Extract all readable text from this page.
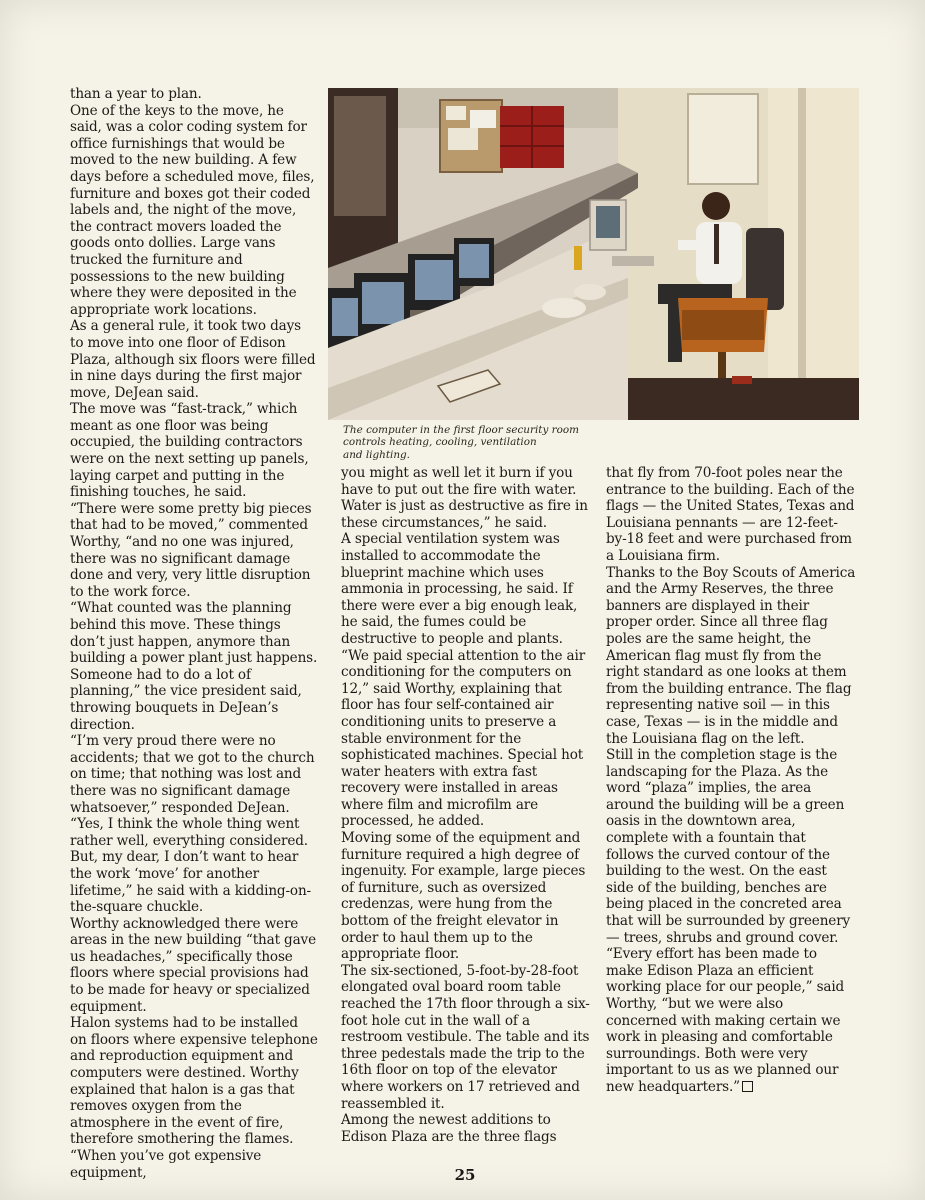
than a year to plan.
One of the keys to the move, he said, was a color coding system for office furnishings that would be moved to the new building. A few days before a scheduled move, files, furniture and boxes got their coded labels and, the night of the move, the contract movers loaded the goods onto dollies. Large vans trucked the furniture and possessions to the new building where they were deposited in the appropriate work locations.
As a general rule, it took two days to move into one floor of Edison Plaza, although six floors were filled in nine days during the first major move, DeJean said.
The move was “fast-track,” which meant as one floor was being occupied, the building contractors were on the next setting up panels, laying carpet and putting in the finishing touches, he said.
“There were some pretty big pieces that had to be moved,” commented Worthy, “and no one was injured, there was no significant damage done and very, very little disruption to the work force.
“What counted was the planning behind this move. These things don’t just happen, anymore than building a power plant just happens. Someone had to do a lot of planning,” the vice president said, throwing bouquets in DeJean’s direction.
“I’m very proud there were no accidents; that we got to the church on time; that nothing was lost and there was no significant damage whatsoever,” responded DeJean.
“Yes, I think the whole thing went rather well, everything considered. But, my dear, I don’t want to hear the work ‘move’ for another lifetime,” he said with a kidding-on-the-square chuckle.
Worthy acknowledged there were areas in the new building “that gave us headaches,” specifically those floors where special provisions had to be made for heavy or specialized equipment.
Halon systems had to be installed on floors where expensive telephone and reproduction equipment and computers were destined. Worthy explained that halon is a gas that removes oxygen from the atmosphere in the event of fire, therefore smothering the flames. “When you’ve got expensive equipment,
The computer in the first floor security room
controls heating, cooling, ventilation
and lighting.
you might as well let it burn if you have to put out the fire with water. Water is just as destructive as fire in these circumstances,” he said.
A special ventilation system was installed to accommodate the blueprint machine which uses ammonia in processing, he said. If there were ever a big enough leak, he said, the fumes could be destructive to people and plants.
“We paid special attention to the air conditioning for the computers on 12,” said Worthy, explaining that floor has four self-contained air conditioning units to preserve a stable environment for the sophisticated machines. Special hot water heaters with extra fast recovery were installed in areas where film and microfilm are processed, he added.
Moving some of the equipment and furniture required a high degree of ingenuity. For example, large pieces of furniture, such as oversized credenzas, were hung from the bottom of the freight elevator in order to haul them up to the appropriate floor.
The six-sectioned, 5-foot-by-28-foot elongated oval board room table reached the 17th floor through a six-foot hole cut in the wall of a restroom vestibule. The table and its three pedestals made the trip to the 16th floor on top of the elevator where workers on 17 retrieved and reassembled it.
Among the newest additions to Edison Plaza are the three flags
that fly from 70-foot poles near the entrance to the building. Each of the flags — the United States, Texas and Louisiana pennants — are 12-feet-by-18 feet and were purchased from a Louisiana firm.
Thanks to the Boy Scouts of America and the Army Reserves, the three banners are displayed in their proper order. Since all three flag poles are the same height, the American flag must fly from the right standard as one looks at them from the building entrance. The flag representing native soil — in this case, Texas — is in the middle and the Louisiana flag on the left.
Still in the completion stage is the landscaping for the Plaza. As the word “plaza” implies, the area around the building will be a green oasis in the downtown area, complete with a fountain that follows the curved contour of the building to the west. On the east side of the building, benches are being placed in the concreted area that will be surrounded by greenery — trees, shrubs and ground cover.
“Every effort has been made to make Edison Plaza an efficient working place for our people,” said Worthy, “but we were also concerned with making certain we work in pleasing and comfortable surroundings. Both were very important to us as we planned our new headquarters.”
25
